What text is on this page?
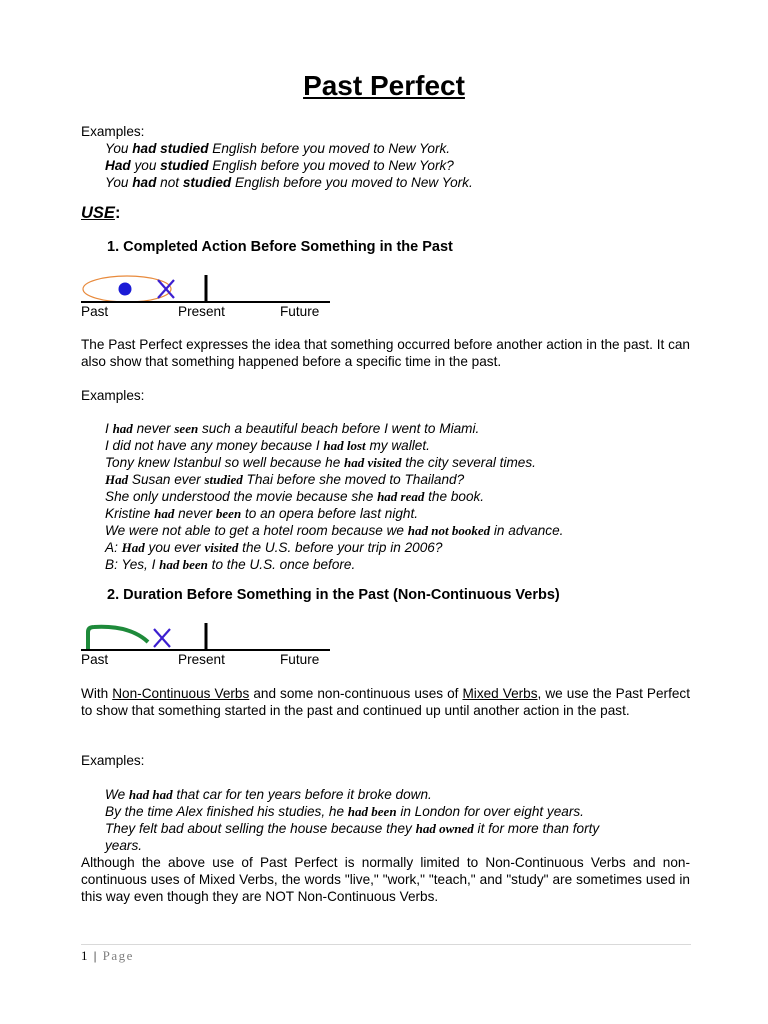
Past Perfect
Examples:
You had studied English before you moved to New York.
Had you studied English before you moved to New York?
You had not studied English before you moved to New York.
USE:
1. Completed Action Before Something in the Past
Past	Present	Future
The Past Perfect expresses the idea that something occurred before another action in the past. It can also show that something happened before a specific time in the past.
Examples:
I had never seen such a beautiful beach before I went to Miami.
I did not have any money because I had lost my wallet.
Tony knew Istanbul so well because he had visited the city several times.
Had Susan ever studied Thai before she moved to Thailand?
She only understood the movie because she had read the book.
Kristine had never been to an opera before last night.
We were not able to get a hotel room because we had not booked in advance.
A: Had you ever visited the U.S. before your trip in 2006?
B: Yes, I had been to the U.S. once before.
2. Duration Before Something in the Past (Non-Continuous Verbs)
Past	Present	Future
With Non-Continuous Verbs and some non-continuous uses of Mixed Verbs, we use the Past Perfect to show that something started in the past and continued up until another action in the past.
Examples:
We had had that car for ten years before it broke down.
By the time Alex finished his studies, he had been in London for over eight years.
They felt bad about selling the house because they had owned it for more than forty
years.
Although the above use of Past Perfect is normally limited to Non-Continuous Verbs and non-continuous uses of Mixed Verbs, the words "live," "work," "teach," and "study" are sometimes used in this way even though they are NOT Non-Continuous Verbs.
1 | Page
